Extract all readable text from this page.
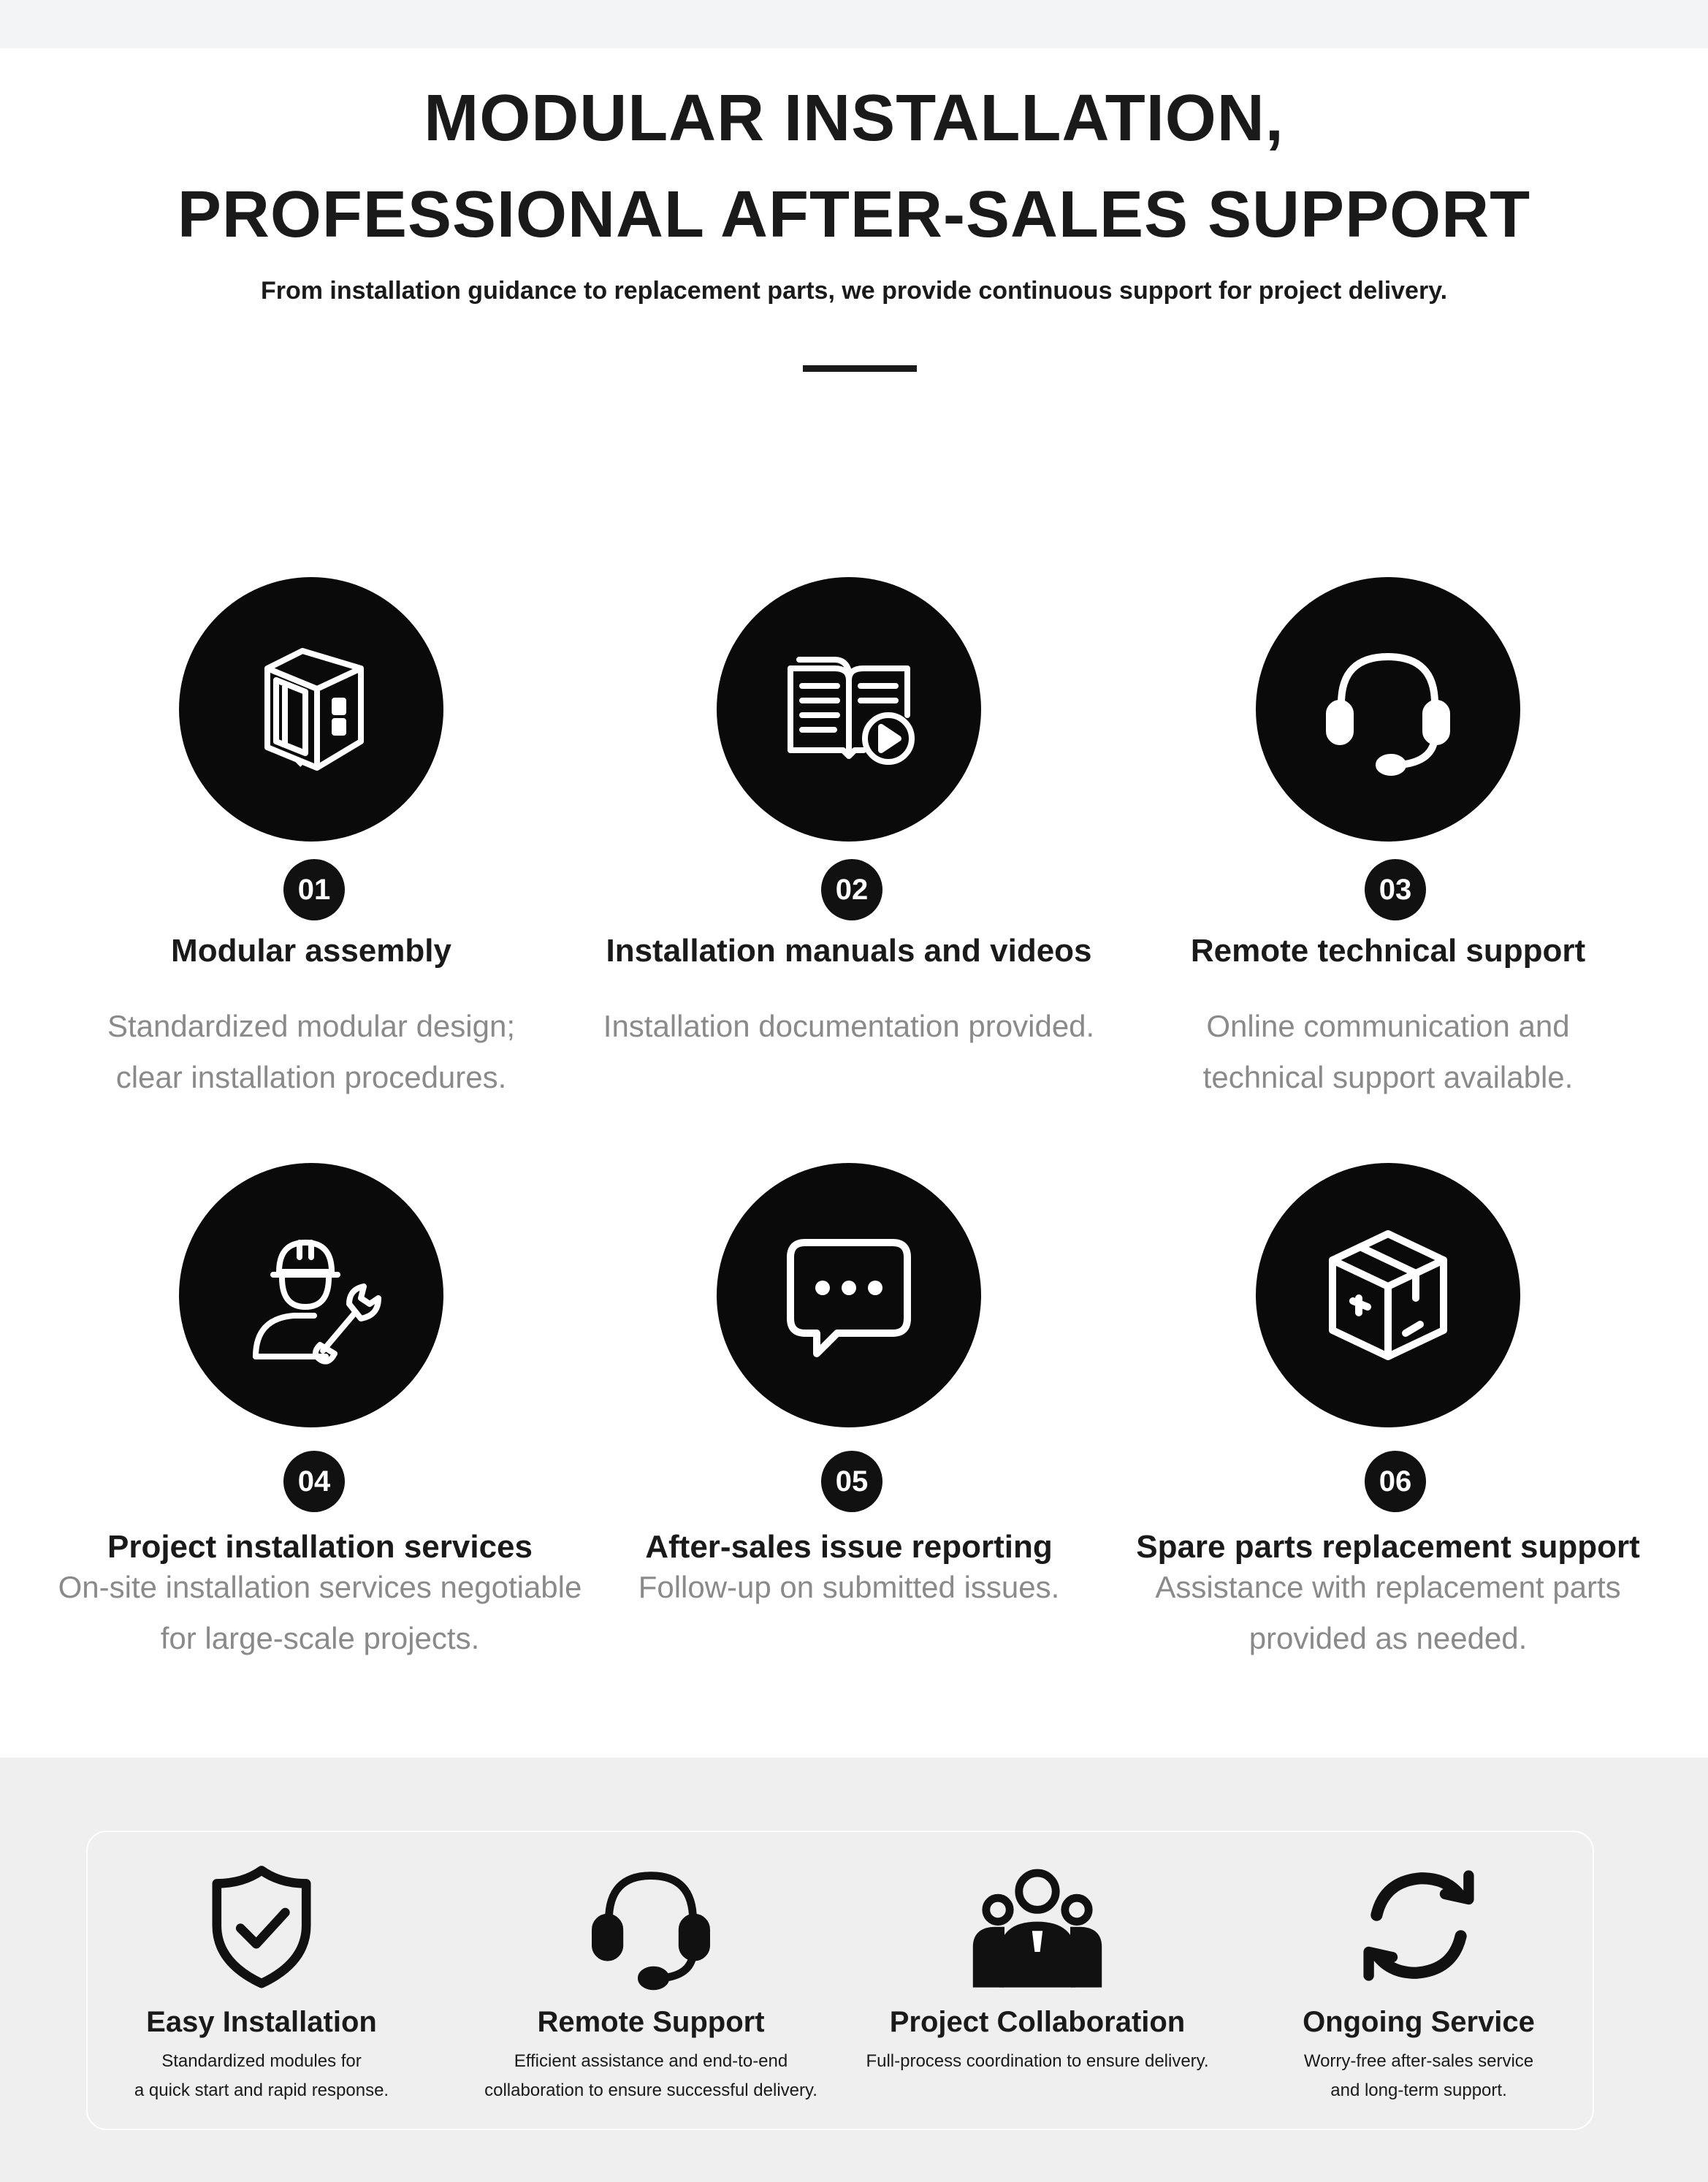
MODULAR INSTALLATION,
PROFESSIONAL AFTER-SALES SUPPORT

From installation guidance to replacement parts, we provide continuous support for project delivery.

01

Modular assembly

Standardized modular design;
clear installation procedures.

02

Installation manuals and videos

Installation documentation provided.

03

Remote technical support

Online communication and
technical support available.

04

Project installation services

On-site installation services negotiable
for large-scale projects.

05

After-sales issue reporting

Follow-up on submitted issues.

06

Spare parts replacement support

Assistance with replacement parts
provided as needed.

Easy Installation

Standardized modules for
a quick start and rapid response.

Remote Support

Efficient assistance and end-to-end
collaboration to ensure successful delivery.

Project Collaboration

Full-process coordination to ensure delivery.

Ongoing Service

Worry-free after-sales service
and long-term support.
